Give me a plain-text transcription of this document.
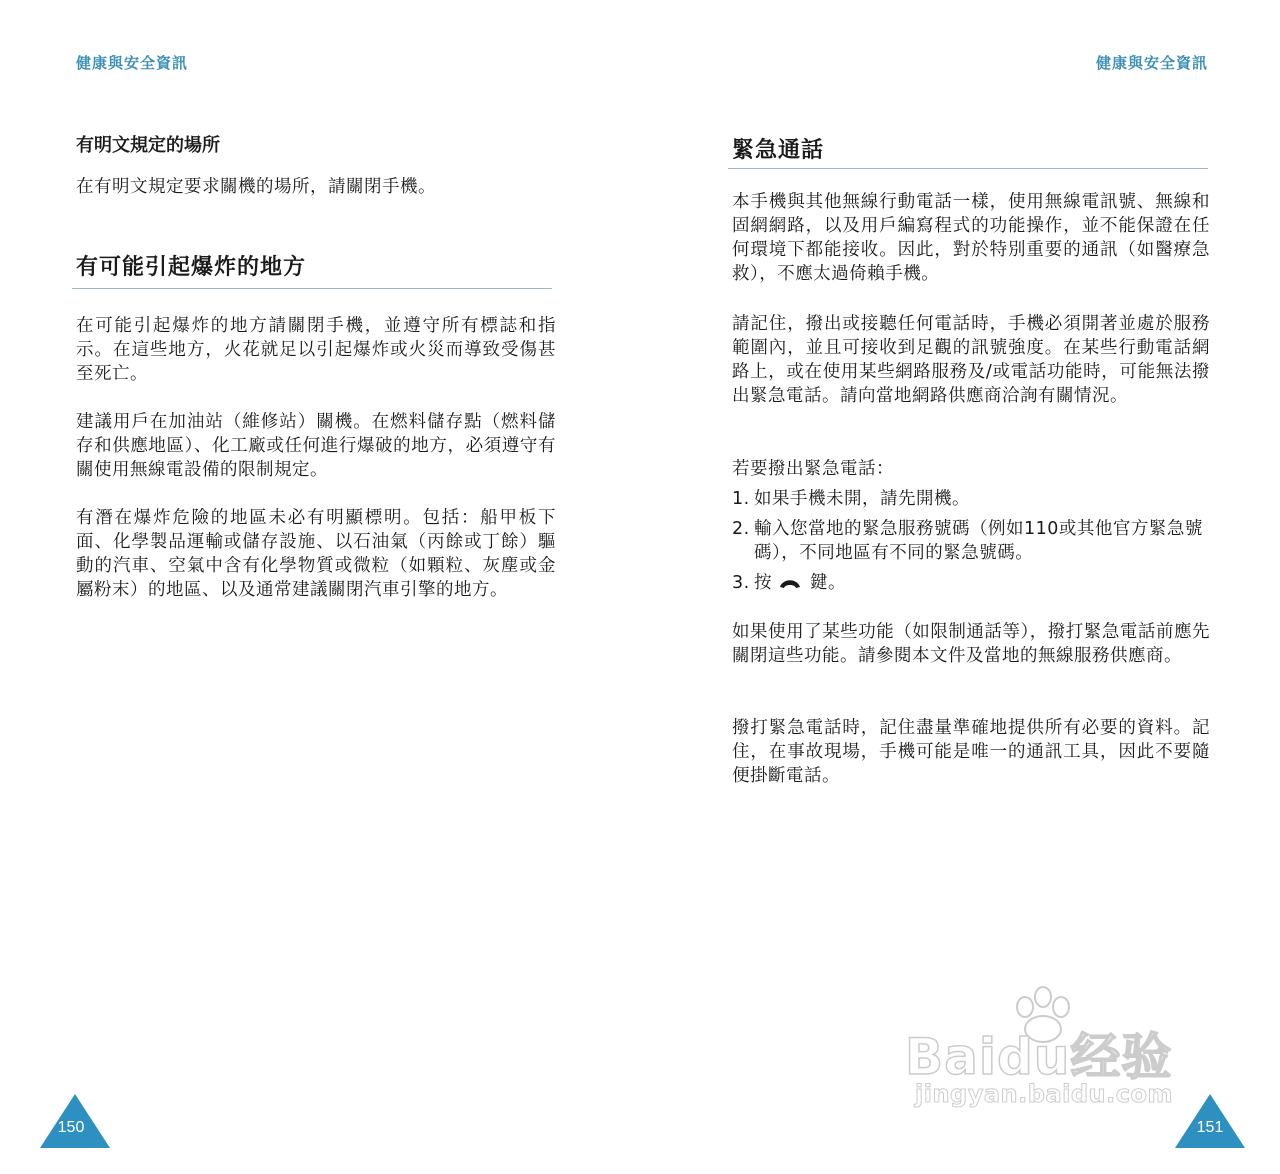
健康與安全資訊
有明文規定的場所

在有明文規定要求關機的場所，請關閉手機。

有可能引起爆炸的地方

在可能引起爆炸的地方請關閉手機，並遵守所有標誌和指示。在這些地方，火花就足以引起爆炸或火災而導致受傷甚至死亡。

建議用戶在加油站（維修站）關機。在燃料儲存點（燃料儲存和供應地區）、化工廠或任何進行爆破的地方，必須遵守有關使用無線電設備的限制規定。

有潛在爆炸危險的地區未必有明顯標明。包括：船甲板下面、化學製品運輸或儲存設施、以石油氣（丙餘或丁餘）驅動的汽車、空氣中含有化學物質或微粒（如顆粒、灰塵或金屬粉末）的地區、以及通常建議關閉汽車引擎的地方。

150
健康與安全資訊
緊急通話

本手機與其他無線行動電話一樣，使用無線電訊號、無線和固網網路，以及用戶編寫程式的功能操作，並不能保證在任何環境下都能接收。因此，對於特別重要的通訊（如醫療急救），不應太過倚賴手機。

請記住，撥出或接聽任何電話時，手機必須開著並處於服務範圍內，並且可接收到足觀的訊號強度。在某些行動電話網路上，或在使用某些網路服務及/或電話功能時，可能無法撥出緊急電話。請向當地網路供應商洽詢有關情況。

若要撥出緊急電話：

1. 如果手機未開，請先開機。
2. 輸入您當地的緊急服務號碼（例如110或其他官方緊急號碼），不同地區有不同的緊急號碼。
3. 按 鍵。

如果使用了某些功能（如限制通話等），撥打緊急電話前應先關閉這些功能。請參閱本文件及當地的無線服務供應商。

撥打緊急電話時，記住盡量準確地提供所有必要的資料。記住，在事故現場，手機可能是唯一的通訊工具，因此不要隨便掛斷電話。

151
Baidu经验
jingyan.baidu.com
